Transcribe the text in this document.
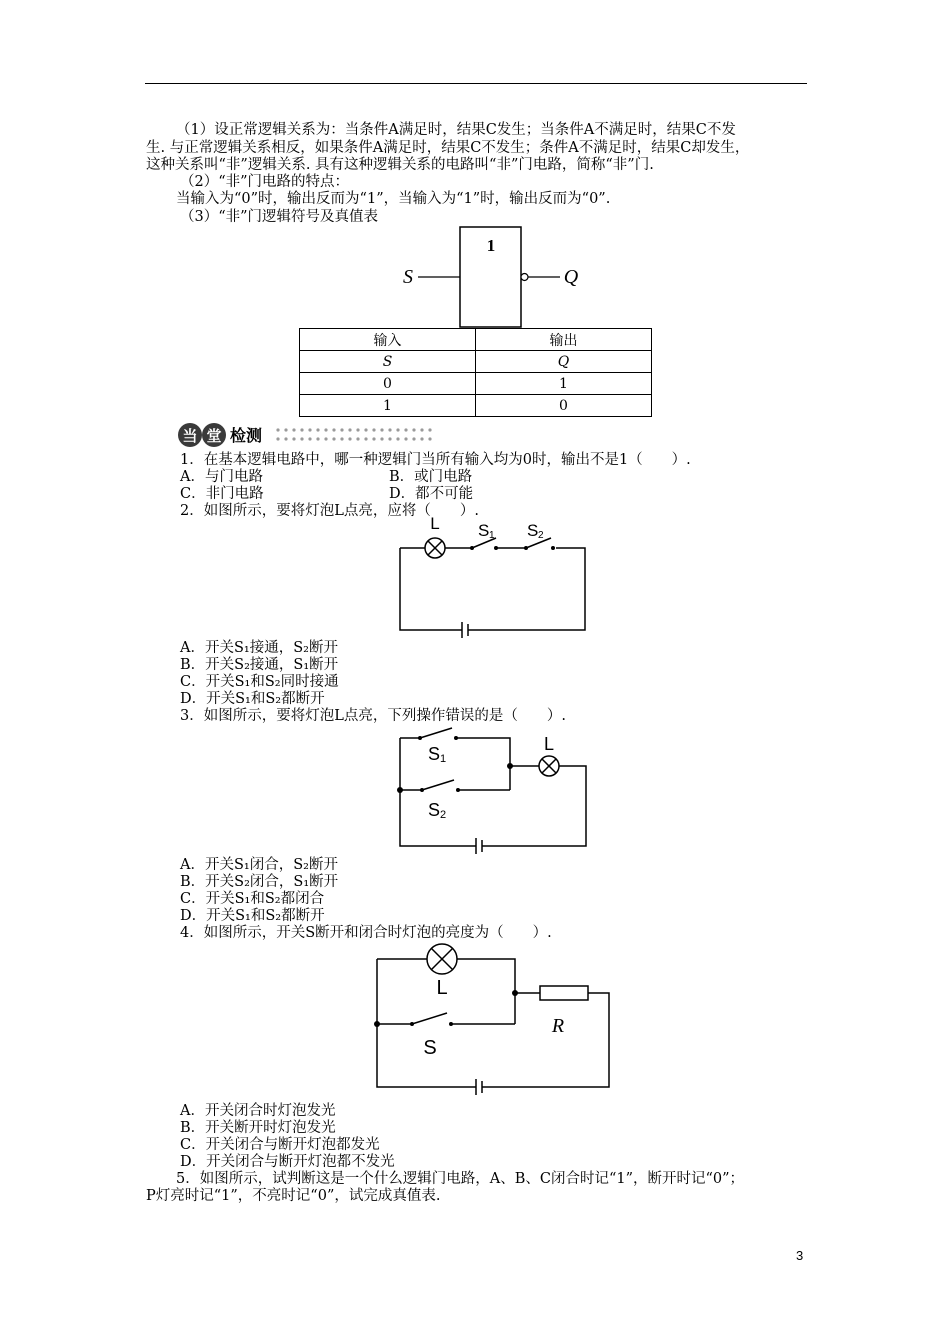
（1）设正常逻辑关系为：当条件A满足时，结果C发生；当条件A不满足时，结果C不发
生. 与正常逻辑关系相反，如果条件A满足时，结果C不发生；条件A不满足时，结果C却发生，
这种关系叫“非”逻辑关系. 具有这种逻辑关系的电路叫“非”门电路，简称“非”门.
（2）“非”门电路的特点：
当输入为“0”时，输出反而为“1”，当输入为“1”时，输出反而为“0”.
（3）“非”门逻辑符号及真值表
1
S	Q
输入	输出
S	Q
0	1
1	0
当 堂 检测
1．在基本逻辑电路中，哪一种逻辑门当所有输入均为0时，输出不是1（　　）.
A．与门电路	B．或门电路
C．非门电路	D．都不可能
2．如图所示，要将灯泡L点亮，应将（　　）.
L S 1 S 2
A．开关S₁接通，S₂断开
B．开关S₂接通，S₁断开
C．开关S₁和S₂同时接通
D．开关S₁和S₂都断开
3．如图所示，要将灯泡L点亮，下列操作错误的是（　　）.
S 1
S 2
L
A．开关S₁闭合，S₂断开
B．开关S₂闭合，S₁断开
C．开关S₁和S₂都闭合
D．开关S₁和S₂都断开
4．如图所示，开关S断开和闭合时灯泡的亮度为（　　）.
L
R
S
A．开关闭合时灯泡发光
B．开关断开时灯泡发光
C．开关闭合与断开灯泡都发光
D．开关闭合与断开灯泡都不发光
5．如图所示，试判断这是一个什么逻辑门电路，A、B、C闭合时记“1”，断开时记“0”；
P灯亮时记“1”，不亮时记“0”，试完成真值表.
3
